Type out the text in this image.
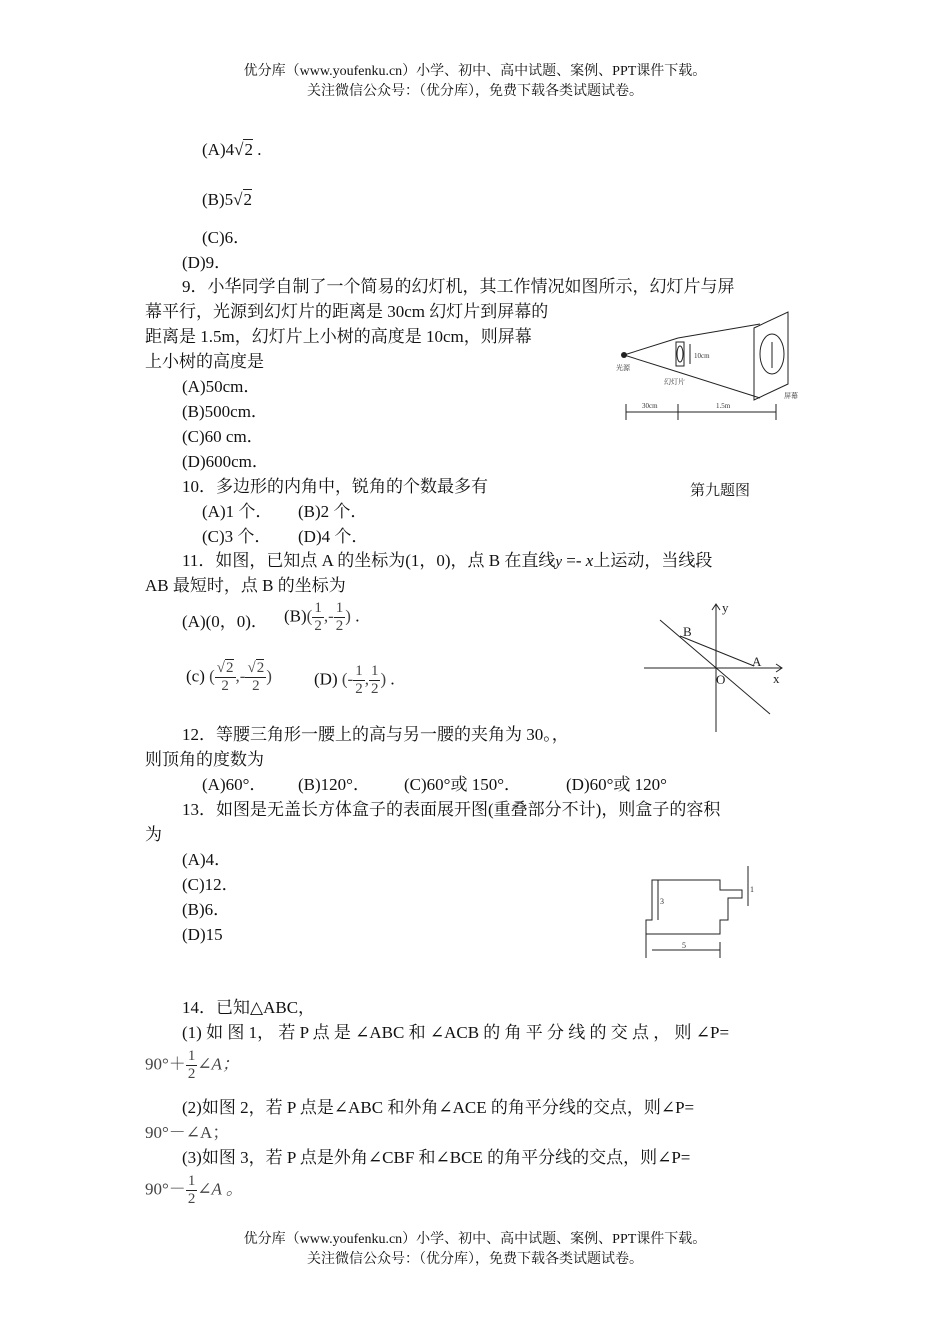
优分库（www.youfenku.cn）小学、初中、高中试题、案例、PPT课件下载。
关注微信公众号：（优分库），免费下载各类试题试卷。
(A)4√2 .
(B)5√2
(C)6．
(D)9．
9．小华同学自制了一个简易的幻灯机，其工作情况如图所示，幻灯片与屏
幕平行，光源到幻灯片的距离是 30cm 幻灯片到屏幕的
距离是 1.5m，幻灯片上小树的高度是 10cm，则屏幕
上小树的高度是
(A)50cm．
(B)500cm．
(C)60 cm．
(D)600cm．
光源
幻灯片
10cm
屏幕
30cm	1.5m
第九题图
10．多边形的内角中，锐角的个数最多有
(A)1 个． (B)2 个．
(C)3 个． (D)4 个．
11．如图，已知点 A 的坐标为(1，0)，点 B 在直线y =- x上运动，当线段
AB 最短时，点 B 的坐标为
(A)(0，0)． $(B)( \frac{1}{2}$ ,- $\frac{1}{2}$ ) .
(c) ( $\frac{√2}{2}$ ,- $\frac{√2}{2}$ ) (D) (- $\frac{1}{2}$ , $\frac{1}{2}$ ) .
B
A
O	x
y
12．等腰三角形一腰上的高与另一腰的夹角为 30。，
则顶角的度数为
(A)60°． (B)120°． (C)60°或 150°．	(D)60°或 120°
13．如图是无盖长方体盒子的表面展开图(重叠部分不计)，则盒子的容积
为
(A)4．
(C)12．
(B)6．
(D)15
3
1
5
14．已知△ABC，
(1) 如 图 1， 若 P 点 是 ∠ABC 和 ∠ACB 的 角 平 分 线 的 交 点 ， 则 ∠P=
$90^\circ+ \frac{1}{2}$ ∠A；
(2)如图 2，若 P 点是∠ABC 和外角∠ACE 的角平分线的交点，则∠P=
90°－∠A；
(3)如图 3，若 P 点是外角∠CBF 和∠BCE 的角平分线的交点，则∠P=
$90^\circ- \frac{1}{2}$ ∠A 。
优分库（www.youfenku.cn）小学、初中、高中试题、案例、PPT课件下载。
关注微信公众号：（优分库），免费下载各类试题试卷。
